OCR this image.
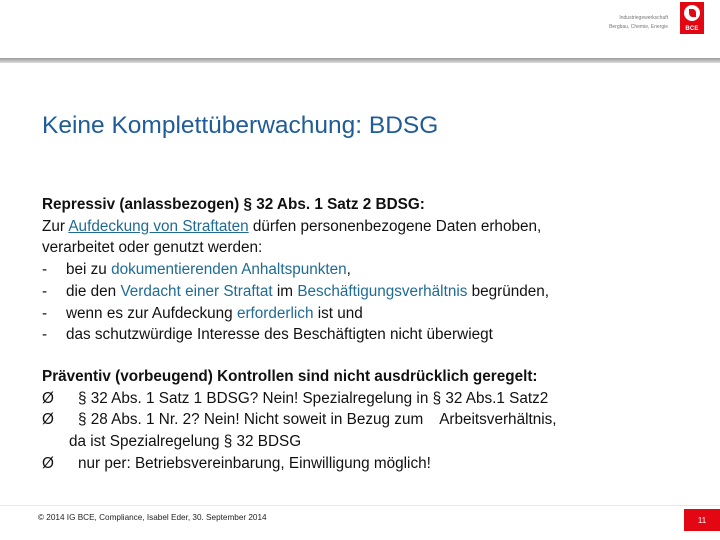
Industriegewerkschaft
Bergbau, Chemie, Energie	BCE
Keine Komplettüberwachung: BDSG
Repressiv (anlassbezogen) § 32 Abs. 1 Satz 2 BDSG:
Zur Aufdeckung von Straftaten dürfen personenbezogene Daten erhoben,
verarbeitet oder genutzt werden:
- bei zu dokumentierenden Anhaltspunkten,
- die den Verdacht einer Straftat im Beschäftigungsverhältnis begründen,
- wenn es zur Aufdeckung erforderlich ist und
- das schutzwürdige Interesse des Beschäftigten nicht überwiegt
Präventiv (vorbeugend) Kontrollen sind nicht ausdrücklich geregelt:
Ø § 32 Abs. 1 Satz 1 BDSG? Nein! Spezialregelung in § 32 Abs.1 Satz2
Ø § 28 Abs. 1 Nr. 2? Nein! Nicht soweit in Bezug zum Arbeitsverhältnis,
da ist Spezialregelung § 32 BDSG
Ø nur per: Betriebsvereinbarung, Einwilligung möglich!
© 2014 IG BCE, Compliance, Isabel Eder, 30. September 2014	11
